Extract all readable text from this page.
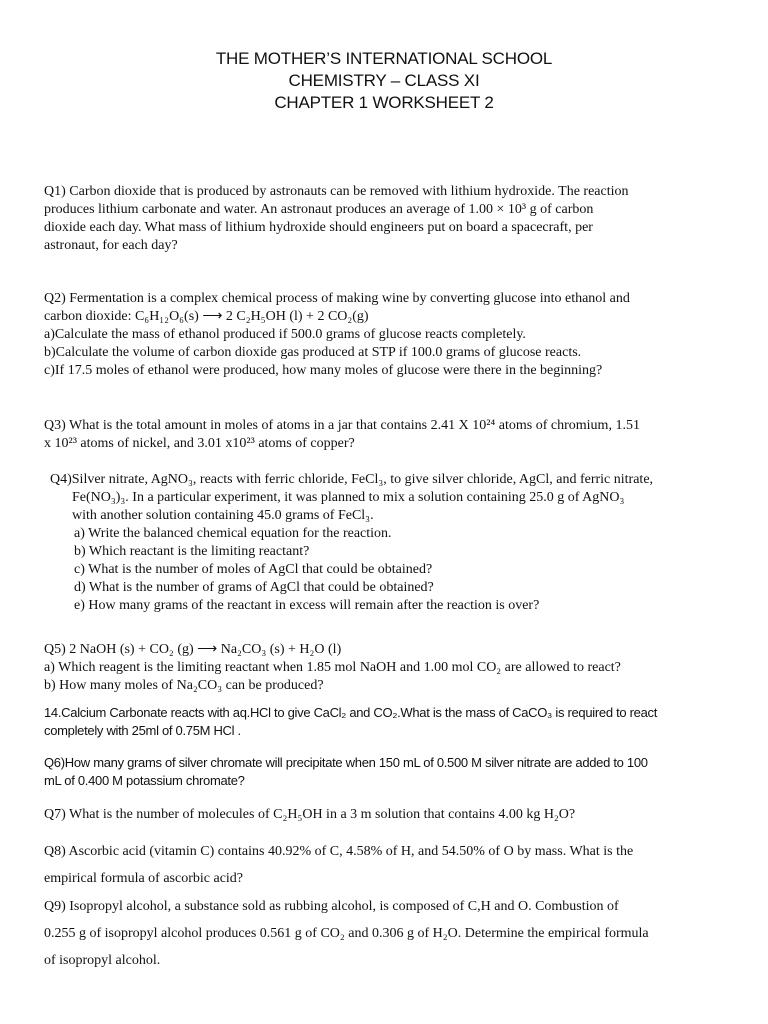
THE MOTHER’S INTERNATIONAL SCHOOL
CHEMISTRY – CLASS XI
CHAPTER 1 WORKSHEET 2
Q1) Carbon dioxide that is produced by astronauts can be removed with lithium hydroxide. The reaction
produces lithium carbonate and water. An astronaut produces an average of 1.00 × 10³ g of carbon
dioxide each day. What mass of lithium hydroxide should engineers put on board a spacecraft, per
astronaut, for each day?
Q2) Fermentation is a complex chemical process of making wine by converting glucose into ethanol and
carbon dioxide: C₆H₁₂O₆(s) ⟶ 2 C₂H₅OH (l) + 2 CO₂(g)
a)Calculate the mass of ethanol produced if 500.0 grams of glucose reacts completely.
b)Calculate the volume of carbon dioxide gas produced at STP if 100.0 grams of glucose reacts.
c)If 17.5 moles of ethanol were produced, how many moles of glucose were there in the beginning?
Q3) What is the total amount in moles of atoms in a jar that contains 2.41 X 10²⁴ atoms of chromium, 1.51
x 10²³ atoms of nickel, and 3.01 x10²³ atoms of copper?
Q4)Silver nitrate, AgNO₃, reacts with ferric chloride, FeCl₃, to give silver chloride, AgCl, and ferric nitrate,
Fe(NO₃)₃. In a particular experiment, it was planned to mix a solution containing 25.0 g of AgNO₃
with another solution containing 45.0 grams of FeCl₃.
a) Write the balanced chemical equation for the reaction.
b) Which reactant is the limiting reactant?
c) What is the number of moles of AgCl that could be obtained?
d) What is the number of grams of AgCl that could be obtained?
e) How many grams of the reactant in excess will remain after the reaction is over?
Q5) 2 NaOH (s) + CO₂ (g) ⟶ Na₂CO₃ (s) + H₂O (l)
a) Which reagent is the limiting reactant when 1.85 mol NaOH and 1.00 mol CO₂ are allowed to react?
b) How many moles of Na₂CO₃ can be produced?
14.Calcium Carbonate reacts with aq.HCl to give CaCl₂ and CO₂.What is the mass of CaCO₃ is required to react
completely with 25ml of 0.75M HCl .
Q6)How many grams of silver chromate will precipitate when 150 mL of 0.500 M silver nitrate are added to 100
mL of 0.400 M potassium chromate?
Q7) What is the number of molecules of C₂H₅OH in a 3 m solution that contains 4.00 kg H₂O?
Q8) Ascorbic acid (vitamin C) contains 40.92% of C, 4.58% of H, and 54.50% of O by mass. What is the
empirical formula of ascorbic acid?
Q9) Isopropyl alcohol, a substance sold as rubbing alcohol, is composed of C,H and O. Combustion of
0.255 g of isopropyl alcohol produces 0.561 g of CO₂ and 0.306 g of H₂O. Determine the empirical formula
of isopropyl alcohol.
